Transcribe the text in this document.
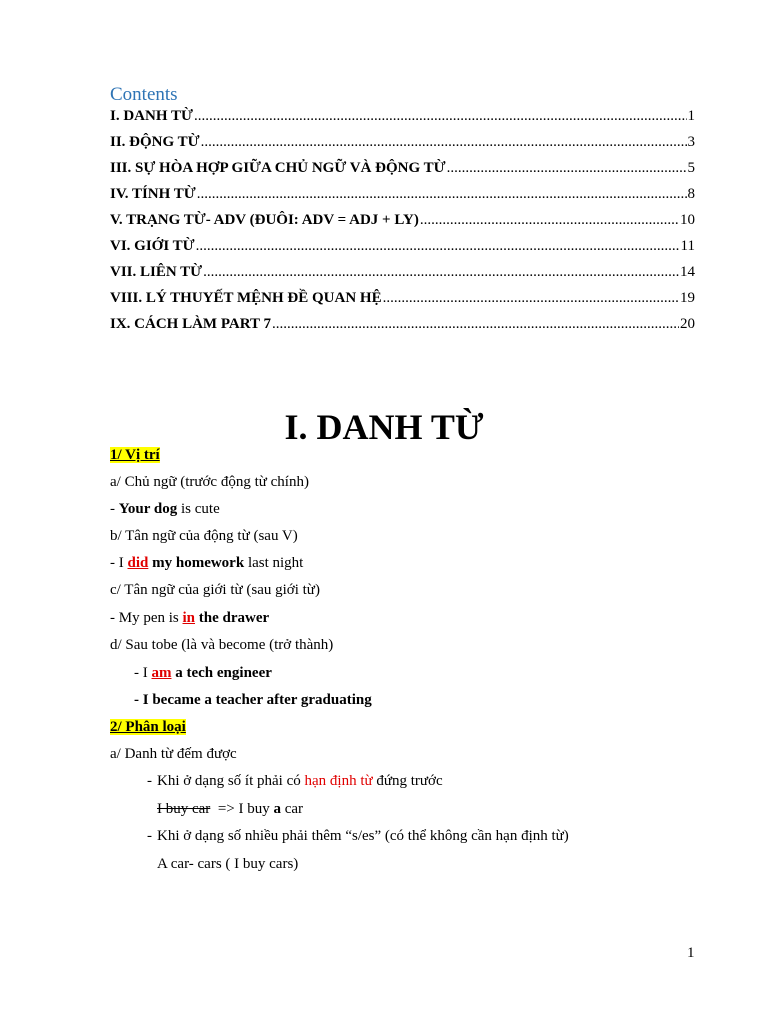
Contents
I. DANH TỪ .....	1
II. ĐỘNG TỪ .....	3
III. SỰ HÒA HỢP GIỮA CHỦ NGỮ VÀ ĐỘNG TỪ .....	5
IV. TÍNH TỪ .....	8
V. TRẠNG TỪ- ADV (ĐUÔI: ADV = ADJ + LY) .....	10
VI. GIỚI TỪ .....	11
VII. LIÊN TỪ .....	14
VIII. LÝ THUYẾT MỆNH ĐỀ QUAN HỆ .....	19
IX. CÁCH LÀM PART 7 .....	20
I. DANH TỪ
1/ Vị trí
a/ Chủ ngữ (trước động từ chính)
- Your dog is cute
b/ Tân ngữ của động từ (sau V)
- I did my homework last night
c/ Tân ngữ của giới từ (sau giới từ)
- My pen is in the drawer
d/ Sau tobe (là và become (trở thành)
- I am a tech engineer
- I became a teacher after graduating
2/ Phân loại
a/ Danh từ đếm được
- Khi ở dạng số ít phải có hạn định từ đứng trước
I buy car  => I buy a car
- Khi ở dạng số nhiều phải thêm “s/es” (có thể không cần hạn định từ)
A car- cars ( I buy cars)
1
